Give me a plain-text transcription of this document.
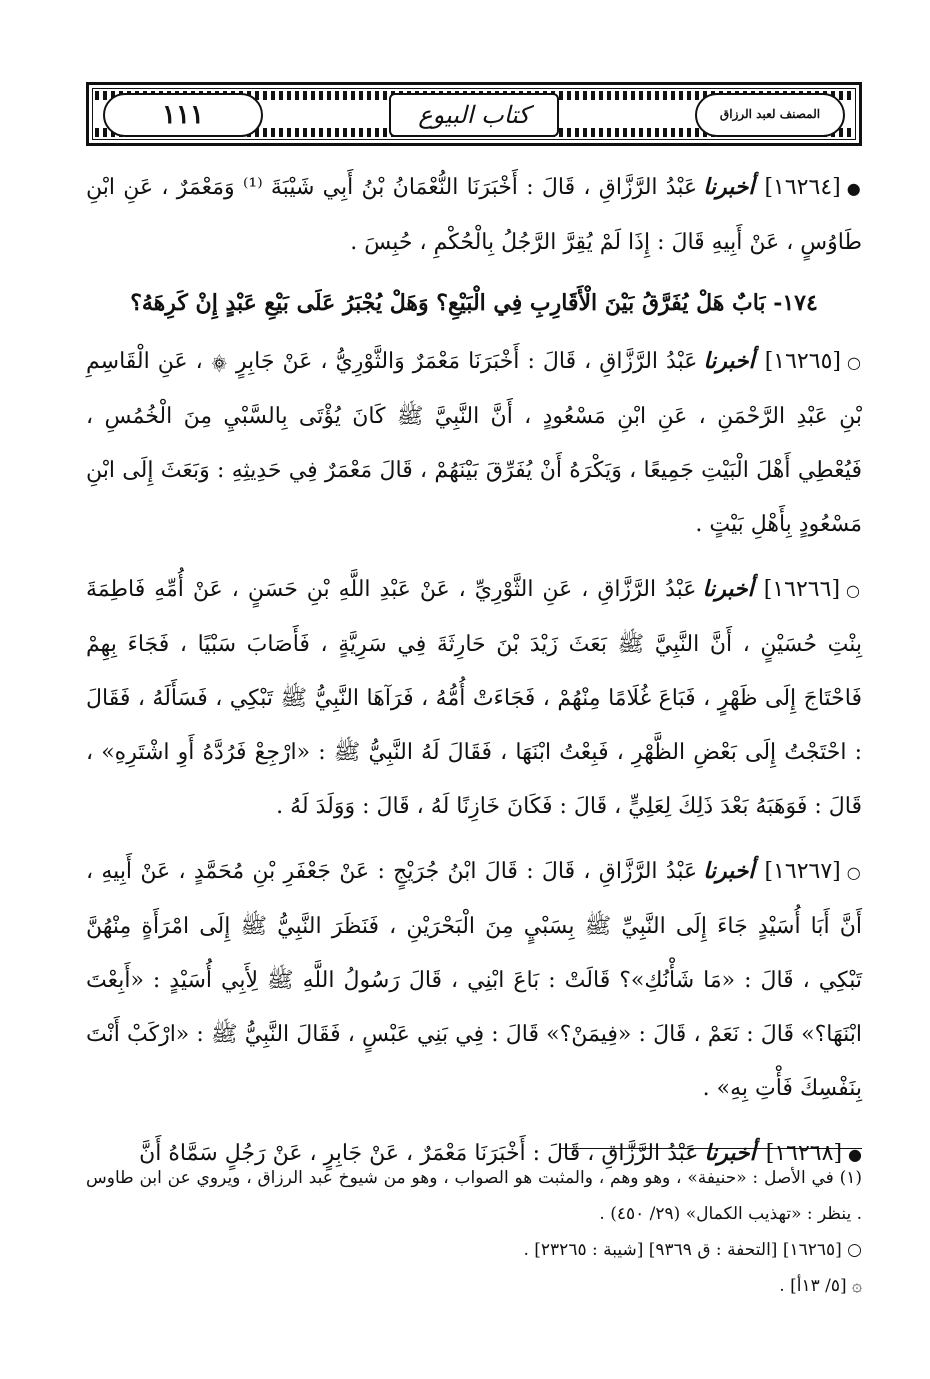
١١١	كتاب البيوع	المصنف لعبد الرزاق

●[١٦٢٦٤]أخبرناعَبْدُ الرَّزَّاقِ ، قَالَ : أَخْبَرَنَا النُّعْمَانُ بْنُ أَبِي شَيْبَةَ ⁽¹⁾ وَمَعْمَرٌ ، عَنِ ابْنِ طَاوُسٍ ، عَنْ أَبِيهِ قَالَ : إِذَا لَمْ يُقِرَّ الرَّجُلُ بِالْحُكْمِ ، حُبِسَ .

١٧٤- بَابٌ هَلْ يُفَرَّقُ بَيْنَ الْأَقَارِبِ فِي الْبَيْعِ؟ وَهَلْ يُجْبَرُ عَلَى بَيْعِ عَبْدٍ إِنْ كَرِهَهُ؟

○[١٦٢٦٥]أخبرناعَبْدُ الرَّزَّاقِ ، قَالَ : أَخْبَرَنَا مَعْمَرٌ وَالثَّوْرِيُّ ، عَنْ جَابِرٍ ۞ ، عَنِ الْقَاسِمِ بْنِ عَبْدِ الرَّحْمَنِ ، عَنِ ابْنِ مَسْعُودٍ ، أَنَّ النَّبِيَّ ﷺ كَانَ يُؤْتَى بِالسَّبْيِ مِنَ الْخُمُسِ ، فَيُعْطِي أَهْلَ الْبَيْتِ جَمِيعًا ، وَيَكْرَهُ أَنْ يُفَرِّقَ بَيْنَهُمْ ، قَالَ مَعْمَرٌ فِي حَدِيثِهِ : وَبَعَثَ إِلَى ابْنِ مَسْعُودٍ بِأَهْلِ بَيْتٍ .

○[١٦٢٦٦]أخبرناعَبْدُ الرَّزَّاقِ ، عَنِ الثَّوْرِيِّ ، عَنْ عَبْدِ اللَّهِ بْنِ حَسَنٍ ، عَنْ أُمِّهِ فَاطِمَةَ بِنْتِ حُسَيْنٍ ، أَنَّ النَّبِيَّ ﷺ بَعَثَ زَيْدَ بْنَ حَارِثَةَ فِي سَرِيَّةٍ ، فَأَصَابَ سَبْيًا ، فَجَاءَ بِهِمْ فَاحْتَاجَ إِلَى ظَهْرٍ ، فَبَاعَ غُلَامًا مِنْهُمْ ، فَجَاءَتْ أُمُّهُ ، فَرَآهَا النَّبِيُّ ﷺ تَبْكِي ، فَسَأَلَهُ ، فَقَالَ : احْتَجْتُ إِلَى بَعْضِ الظَّهْرِ ، فَبِعْتُ ابْنَهَا ، فَقَالَ لَهُ النَّبِيُّ ﷺ : «ارْجِعْ فَرُدَّهُ أَوِ اشْتَرِهِ» ، قَالَ : فَوَهَبَهُ بَعْدَ ذَلِكَ لِعَلِيٍّ ، قَالَ : فَكَانَ خَازِنًا لَهُ ، قَالَ : وَوَلَدَ لَهُ .

○[١٦٢٦٧]أخبرناعَبْدُ الرَّزَّاقِ ، قَالَ : قَالَ ابْنُ جُرَيْجٍ : عَنْ جَعْفَرِ بْنِ مُحَمَّدٍ ، عَنْ أَبِيهِ ، أَنَّ أَبَا أُسَيْدٍ جَاءَ إِلَى النَّبِيِّ ﷺ بِسَبْيٍ مِنَ الْبَحْرَيْنِ ، فَنَظَرَ النَّبِيُّ ﷺ إِلَى امْرَأَةٍ مِنْهُنَّ تَبْكِي ، قَالَ : «مَا شَأْنُكِ»؟ قَالَتْ : بَاعَ ابْنِي ، قَالَ رَسُولُ اللَّهِ ﷺ لِأَبِي أُسَيْدٍ : «أَبِعْتَ ابْنَهَا؟» قَالَ : نَعَمْ ، قَالَ : «فِيمَنْ؟» قَالَ : فِي بَنِي عَبْسٍ ، فَقَالَ النَّبِيُّ ﷺ : «ارْكَبْ أَنْتَ بِنَفْسِكَ فَأْتِ بِهِ» .

●[١٦٢٦٨]أخبرناعَبْدُ الرَّزَّاقِ ، قَالَ : أَخْبَرَنَا مَعْمَرٌ ، عَنْ جَابِرٍ ، عَنْ رَجُلٍ سَمَّاهُ أَنَّ

(١) في الأصل : «حنيفة» ، وهو وهم ، والمثبت هو الصواب ، وهو من شيوخ عبد الرزاق ، ويروي عن ابن طاوس . ينظر : «تهذيب الكمال» (٢٩/ ٤٥٠) .

○ [١٦٢٦٥] [التحفة : ق ٩٣٦٩] [شيبة : ٢٣٢٦٥] .

۞ [٥/ ١٣أ] .
